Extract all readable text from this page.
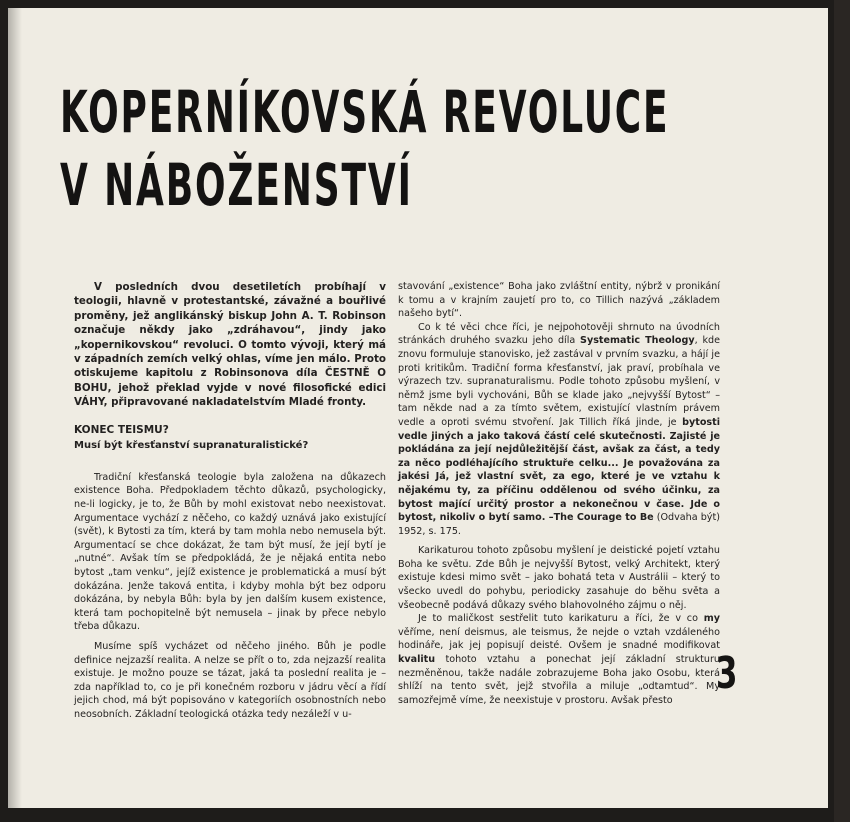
KOPERNÍKOVSKÁ REVOLUCE
V NÁBOŽENSTVÍ

V posledních dvou desetiletích probíhají v teologii, hlavně v protestantské, závažné a bouřlivé proměny, jež anglikánský biskup John A. T. Robinson označuje někdy jako „zdráhavou“, jindy jako „kopernikovskou“ revoluci. O tomto vývoji, který má v západních zemích velký ohlas, víme jen málo. Proto otiskujeme kapitolu z Robinsonova díla ČESTNĚ O BOHU, jehož překlad vyjde v nové filosofické edici VÁHY, připravované nakladatelstvím Mladé fronty.

KONEC TEISMU?

Musí být křesťanství supranaturalistické?

Tradiční křesťanská teologie byla založena na důkazech existence Boha. Předpokladem těchto důkazů, psychologicky, ne-li logicky, je to, že Bůh by mohl existovat nebo neexistovat. Argumentace vychází z něčeho, co každý uznává jako existující (svět), k Bytosti za tím, která by tam mohla nebo nemusela být. Argumentací se chce dokázat, že tam být musí, že její bytí je „nutné“. Avšak tím se předpokládá, že je nějaká entita nebo bytost „tam venku“, jejíž existence je problematická a musí být dokázána. Jenže taková entita, i kdyby mohla být bez odporu dokázána, by nebyla Bůh: byla by jen dalším kusem existence, která tam pochopitelně být nemusela – jinak by přece nebylo třeba důkazu.

Musíme spíš vycházet od něčeho jiného. Bůh je podle definice nejzazší realita. A nelze se přít o to, zda nejzazší realita existuje. Je možno pouze se tázat, jaká ta poslední realita je – zda například to, co je při konečném rozboru v jádru věcí a řídí jejich chod, má být popisováno v kategoriích osobnostních nebo neosobních. Základní teologická otázka tedy nezáleží v u-

stavování „existence“ Boha jako zvláštní entity, nýbrž v pronikání k tomu a v krajním zaujetí pro to, co Tillich nazývá „základem našeho bytí“.

Co k té věci chce říci, je nejpohotověji shrnuto na úvodních stránkách druhého svazku jeho díla Systematic Theology, kde znovu formuluje stanovisko, jež zastával v prvním svazku, a hájí je proti kritikům. Tradiční forma křesťanství, jak praví, probíhala ve výrazech tzv. supranaturalismu. Podle tohoto způsobu myšlení, v němž jsme byli vychováni, Bůh se klade jako „nejvyšší Bytost“ – tam někde nad a za tímto světem, existující vlastním právem vedle a oproti svému stvoření. Jak Tillich říká jinde, je bytosti vedle jiných a jako taková částí celé skutečnosti. Zajisté je pokládána za její nejdůležitější část, avšak za část, a tedy za něco podléhajícího struktuře celku... Je považována za jakési Já, jež vlastní svět, za ego, které je ve vztahu k nějakému ty, za příčinu oddělenou od svého účinku, za bytost mající určitý prostor a nekonečnou v čase. Jde o bytost, nikoliv o bytí samo. –The Courage to Be (Odvaha být) 1952, s. 175.

Karikaturou tohoto způsobu myšlení je deistické pojetí vztahu Boha ke světu. Zde Bůh je nejvyšší Bytost, velký Architekt, který existuje kdesi mimo svět – jako bohatá teta v Austrálii – který to všecko uvedl do pohybu, periodicky zasahuje do běhu světa a všeobecně podává důkazy svého blahovolného zájmu o něj.

Je to maličkost sestřelit tuto karikaturu a říci, že v co my věříme, není deismus, ale teismus, že nejde o vztah vzdáleného hodináře, jak jej popisují deisté. Ovšem je snadné modifikovat kvalitu tohoto vztahu a ponechat její základní strukturu nezměněnou, takže nadále zobrazujeme Boha jako Osobu, která shlíží na tento svět, jejž stvořila a miluje „odtamtud“. My samozřejmě víme, že neexistuje v prostoru. Avšak přesto

3
